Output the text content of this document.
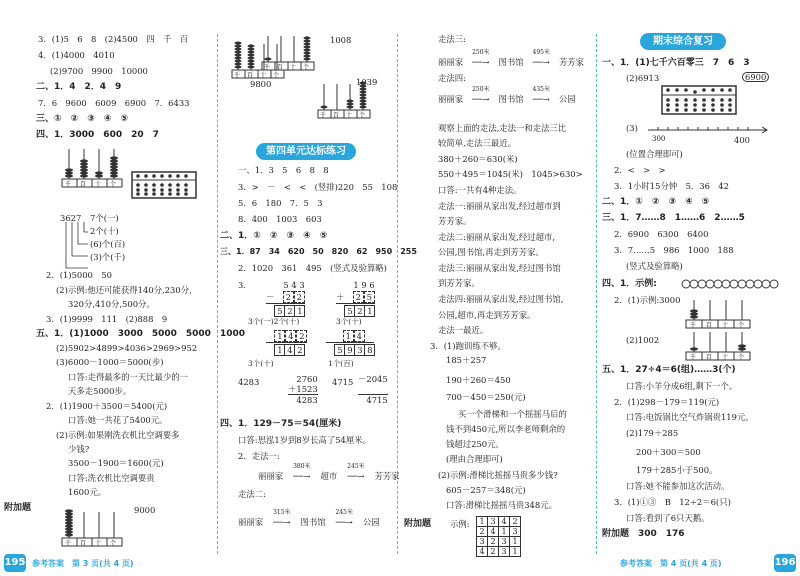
3．(1)5　6　8　(2)4500　四　千　百
4．(1)4000　4010
(2)9700　9900　10000
二、1．4　2．4　9
7．6　9600　6009　6900　7．6433
三、①　②　③　④　⑤
四、1．3000　600　20　7
千 百 十 个
3627 7个(一)
2个(十)
(6)个(百)
(3)个(千)
2．(1)5000　50
(2)示例:他还可能获得140分,230分,
320分,410分,500分。
3．(1)9999　111　(2)888　9
五、1．(1)1000　3000　5000　5000　1000
(2)5902>4899>4036>2969>952
(3)6000－1000＝5000(步)
口答:走得最多的一天比最少的一
天多走5000步。
2．(1)1900＋3500＝5400(元)
口答:她一共花了5400元。
(2)示例:如果刚洗衣机比空调要多
少钱?
3500－1900＝1600(元)
口答:洗衣机比空调要贵
1600元。
附加题
千 百 十 个
9000
千 百 十 个
1008
千 百 十 个
9800
千 百 十 个
1039
第四单元达标练习
一、1．3　5　6　8　8
3．>　－　<　<　(竖排)220　55　108
5．6　180　7．5　3
8．400　1003　603
二、1．①　②　③　④　⑤
三、1．87　34　620　50　820　62　950　255
2．1020　361　495　(竖式及验算略)
3．	5 4 3
－　2 2
　5 2 1
1 9 6
＋　2 5
　5 2 1
3个(一)2个(十)	3个(十)
　1 4 2
　1 4 2
　　1 4
　5 9 3 8
3个(十)	1个(百)
4283	2760
＋1523
4283
4715 －2045
4715
四、1．129－75＝54(厘米)
口答:思泓1岁到8岁长高了54厘米。
2．走法一:
丽丽家
380米
──→ 超市
245米
──→ 芳芳家
走法二:
丽丽家
315米
──→ 图书馆
245米
──→ 公园
走法三:
丽丽家
250米
──→ 图书馆
495米
──→ 芳芳家
走法四:
丽丽家
250米
──→ 图书馆
435米
──→ 公园
观察上面的走法,走法一和走法三比
较简单,走法三最近。
380＋260＝630(米)
550＋495＝1045(米)　1045>630>
口答:一共有4种走法。
走法一:丽丽从家出发,经过超市到
芳芳家。
走法二:丽丽从家出发,经过超市,
公园,图书馆,再走到芳芳家。
走法三:丽丽从家出发,经过图书馆
到芳芳家。
走法四:丽丽从家出发,经过图书馆,
公园,超市,再走到芳芳家。
走法一最近。
3．(1)跑训练不够。
185＋257
190＋260＝450
700－450＝250(元)
买一个滑梯和一个摇摇马后的
钱不到450元,所以李老师剩余的
钱超过250元。
(理由合理即可)
(2)示例:滑梯比摇摇马贵多少钱?
605－257＝348(元)
口答:滑梯比摇摇马贵348元。
附加题 示例: 1	3	4	2
2	4	1	3
3	2	3	1
4	2	3	1
期末综合复习
一、1．(1)七千六百零三　7　6　3
(2)6913	6900
(3)
300	400
(位置合理即可)
2．<　>　>
3．1小时15分钟　5．36　42
二、1．①　②　③　④　⑤
三、1．7……8　1……6　2……5
2．6900　6300　6400
3．7……5　986　1000　188
(竖式及验算略)
四、1．示例:
2．(1)示例:3000
千 百 十 个
(2)1002
千 百 十 个
五、1．27÷4＝6(组)……3(个)
口答:小羊分成6组,剩下一个。
2．(1)298－179＝119(元)
口答:电饭锅比空气炸锅贵119元。
(2)179＋285
200＋300＝500
179＋285小于500。
口答:她不能参加这次活动。
3．(1)①③　B　12÷2＝6(只)
口答:看到了6只天鹅。
附加题　300　176
195 参考答案　第 3 页(共 4 页)	参考答案　第 4 页(共 4 页)	196
